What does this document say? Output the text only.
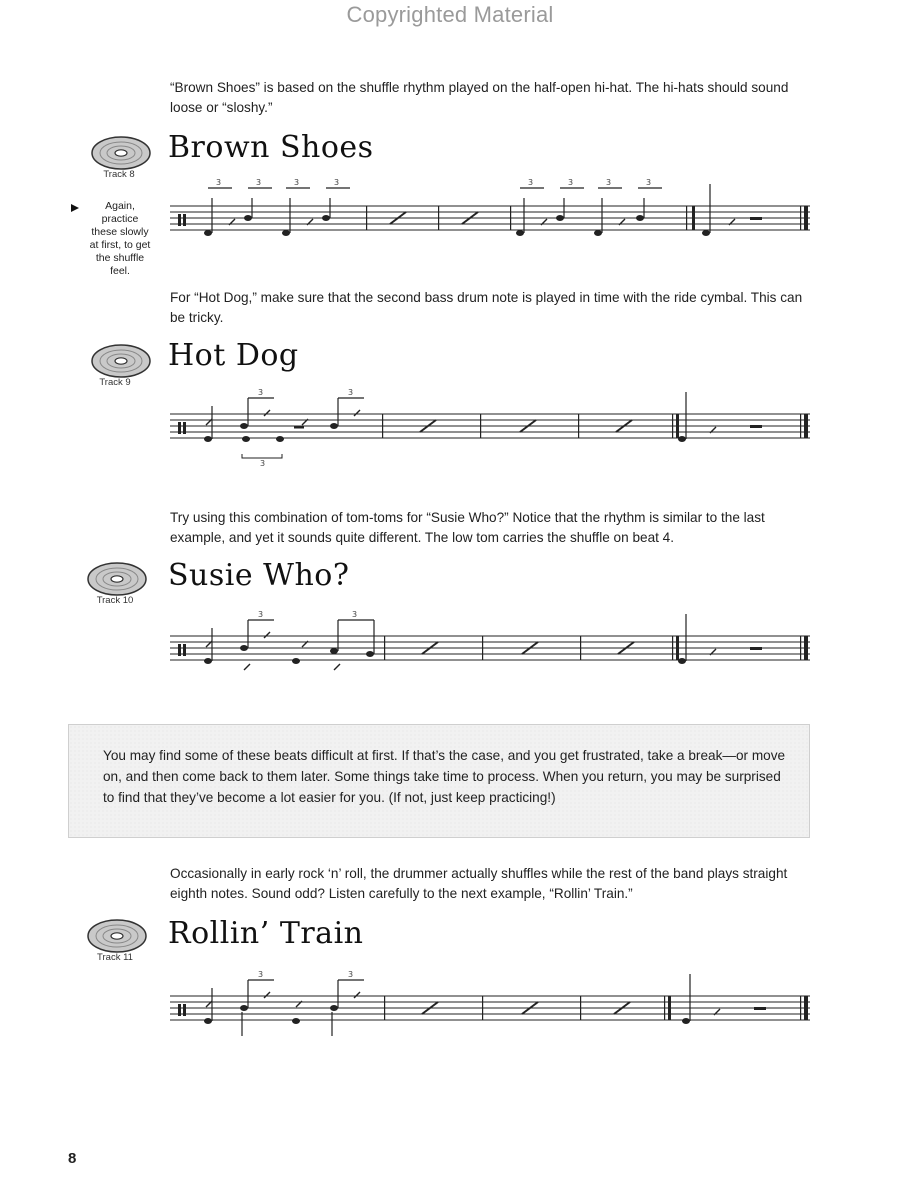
Copyrighted Material
“Brown Shoes” is based on the shuffle rhythm played on the half-open hi-hat. The hi-hats should sound loose or “sloshy.”
Track 8
Brown Shoes
Again, practice these slowly at first, to get the shuffle feel.
3	3	3	3	3	3	3	3
For “Hot Dog,” make sure that the second bass drum note is played in time with the ride cymbal. This can be tricky.
Track 9
Hot Dog
3	3
3
Try using this combination of tom-toms for “Susie Who?” Notice that the rhythm is similar to the last example, and yet it sounds quite different. The low tom carries the shuffle on beat 4.
Track 10
Susie Who?
3	3

You may find some of these beats difficult at first. If that’s the case, and you get frustrated, take a break—or move on, and then come back to them later. Some things take time to process. When you return, you may be surprised to find that they’ve become a lot easier for you. (If not, just keep practicing!)

Occasionally in early rock ‘n’ roll, the drummer actually shuffles while the rest of the band plays straight eighth notes. Sound odd? Listen carefully to the next example, “Rollin’ Train.”
Track 11
Rollin’ Train
3	3
8
